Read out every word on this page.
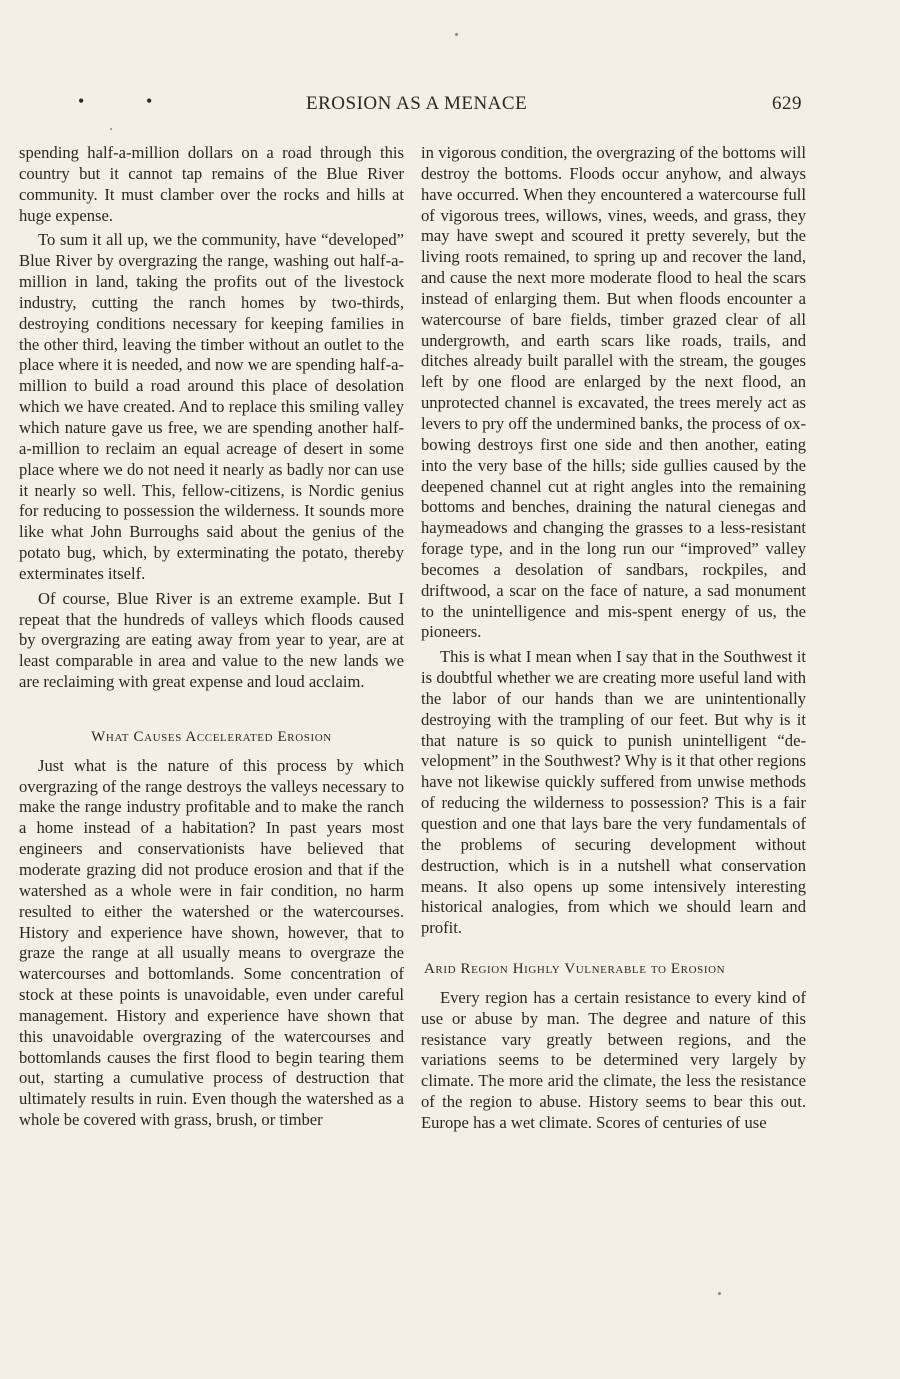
•	•	EROSION AS A MENACE	629

spending half-a-million dollars on a road through this country but it cannot tap remains of the Blue River community. It must clamber over the rocks and hills at huge expense.

To sum it all up, we the community, have “developed” Blue River by overgrazing the range, washing out half-a-million in land, taking the profits out of the livestock industry, cutting the ranch homes by two-thirds, destroying conditions necessary for keeping families in the other third, leaving the timber without an outlet to the place where it is needed, and now we are spending half-a-million to build a road around this place of desolation which we have created. And to replace this smiling valley which nature gave us free, we are spending another half-a-million to reclaim an equal acreage of desert in some place where we do not need it nearly as badly nor can use it nearly so well. This, fellow-citizens, is Nordic genius for reducing to possession the wilderness. It sounds more like what John Burroughs said about the genius of the potato bug, which, by exterminating the potato, thereby exterminates itself.

Of course, Blue River is an extreme example. But I repeat that the hundreds of valleys which floods caused by overgrazing are eating away from year to year, are at least comparable in area and value to the new lands we are reclaiming with great expense and loud acclaim.

What Causes Accelerated Erosion

Just what is the nature of this process by which overgrazing of the range destroys the valleys necessary to make the range industry profitable and to make the ranch a home instead of a habitation? In past years most engineers and conservationists have believed that moderate grazing did not produce erosion and that if the watershed as a whole were in fair condition, no harm resulted to either the watershed or the watercourses. History and experience have shown, however, that to graze the range at all usually means to overgraze the watercourses and bottomlands. Some concentration of stock at these points is unavoidable, even under careful management. History and experience have shown that this unavoidable overgrazing of the watercourses and bottomlands causes the first flood to begin tearing them out, starting a cumulative process of destruction that ultimately results in ruin. Even though the watershed as a whole be covered with grass, brush, or timber

in vigorous condition, the overgrazing of the bottoms will destroy the bottoms. Floods occur anyhow, and always have occurred. When they encountered a watercourse full of vigorous trees, willows, vines, weeds, and grass, they may have swept and scoured it pretty severely, but the living roots remained, to spring up and recover the land, and cause the next more moderate flood to heal the scars instead of enlarging them. But when floods encounter a watercourse of bare fields, timber grazed clear of all undergrowth, and earth scars like roads, trails, and ditches already built parallel with the stream, the gouges left by one flood are enlarged by the next flood, an unprotected channel is excavated, the trees merely act as levers to pry off the undermined banks, the process of ox-bowing destroys first one side and then another, eating into the very base of the hills; side gullies caused by the deepened channel cut at right angles into the remaining bottoms and benches, draining the natural cienegas and haymeadows and changing the grasses to a less-resistant forage type, and in the long run our “improved” valley becomes a desolation of sandbars, rockpiles, and driftwood, a scar on the face of nature, a sad monument to the unintelligence and mis-spent energy of us, the pioneers.

This is what I mean when I say that in the Southwest it is doubtful whether we are creating more useful land with the labor of our hands than we are unintentionally destroying with the trampling of our feet. But why is it that nature is so quick to punish unintelligent “development” in the Southwest? Why is it that other regions have not likewise quickly suffered from unwise methods of reducing the wilderness to possession? This is a fair question and one that lays bare the very fundamentals of the problems of securing development without destruction, which is in a nutshell what conservation means. It also opens up some intensively interesting historical analogies, from which we should learn and profit.

Arid Region Highly Vulnerable to Erosion

Every region has a certain resistance to every kind of use or abuse by man. The degree and nature of this resistance vary greatly between regions, and the variations seems to be determined very largely by climate. The more arid the climate, the less the resistance of the region to abuse. History seems to bear this out. Europe has a wet climate. Scores of centuries of use
